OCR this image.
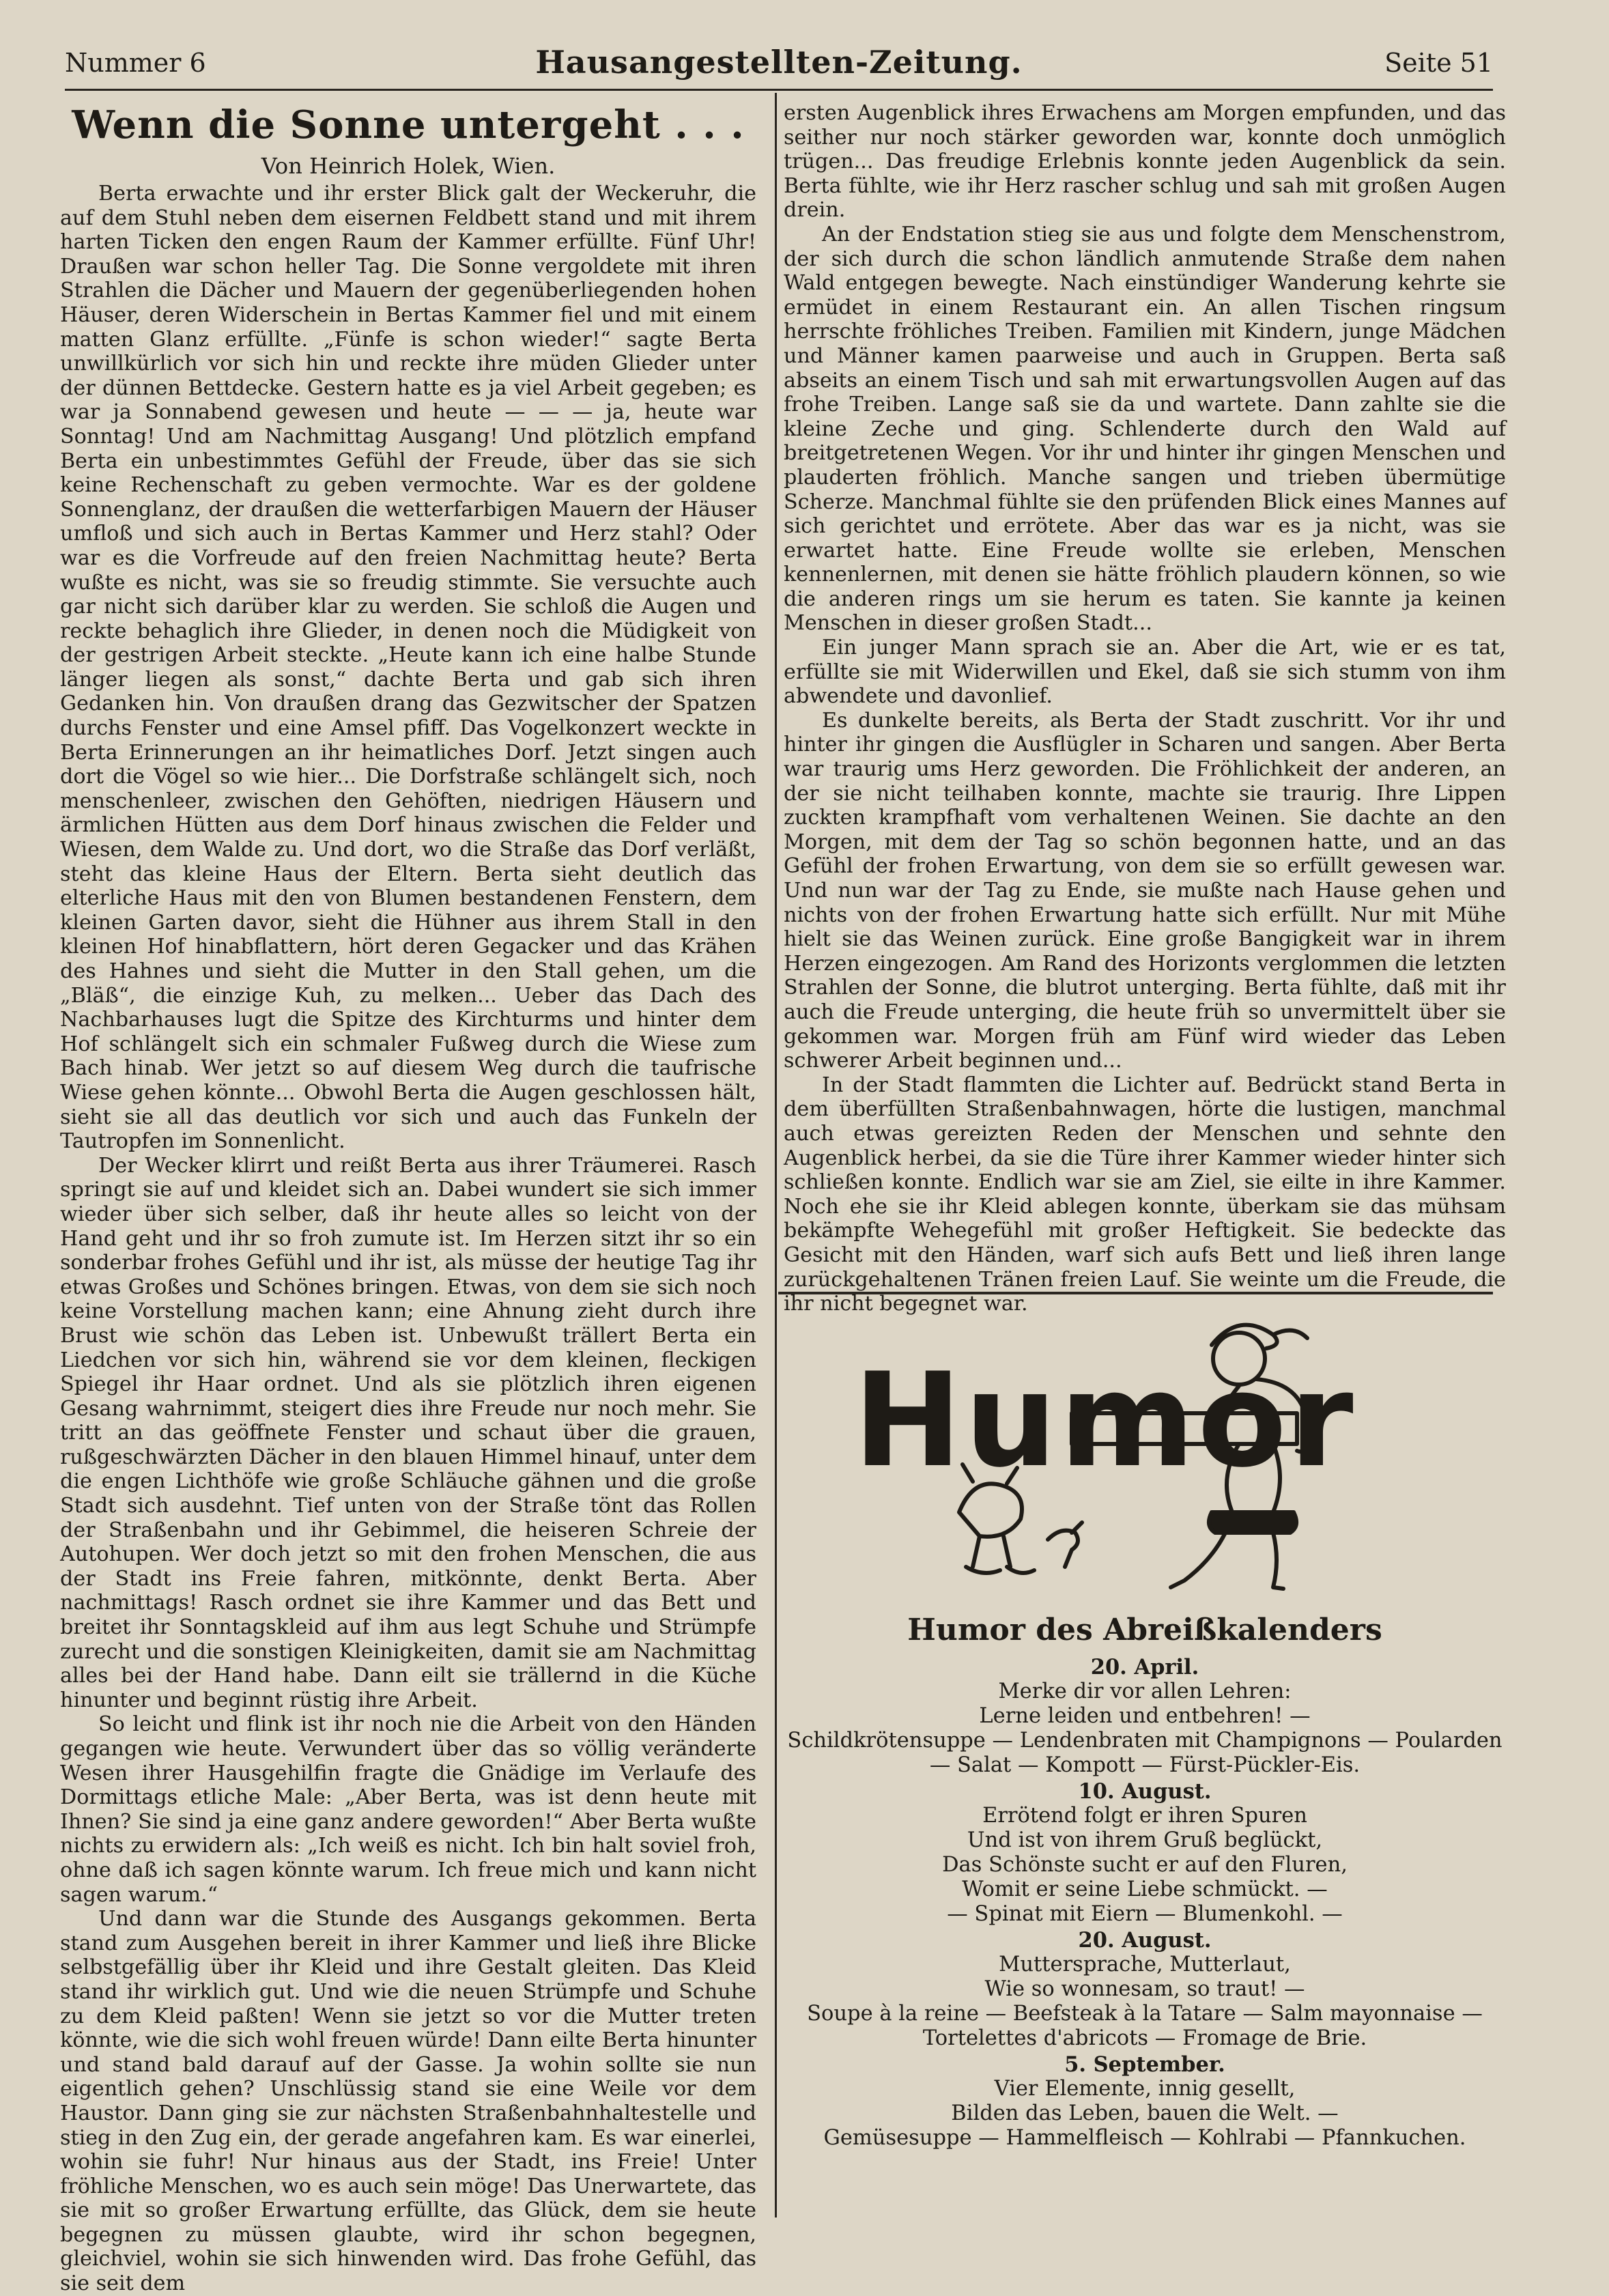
Nummer 6	Hausangestellten-Zeitung.	Seite 51
Wenn die Sonne untergeht . . .
Von Heinrich Holek, Wien.

Berta erwachte und ihr erster Blick galt der Weckeruhr, die auf dem Stuhl neben dem eisernen Feldbett stand und mit ihrem harten Ticken den engen Raum der Kammer erfüllte. Fünf Uhr! Draußen war schon heller Tag. Die Sonne vergoldete mit ihren Strahlen die Dächer und Mauern der gegenüberliegenden hohen Häuser, deren Widerschein in Bertas Kammer fiel und mit einem matten Glanz erfüllte. „Fünfe is schon wieder!“ sagte Berta unwillkürlich vor sich hin und reckte ihre müden Glieder unter der dünnen Bettdecke. Gestern hatte es ja viel Arbeit gegeben; es war ja Sonnabend gewesen und heute — — — ja, heute war Sonntag! Und am Nachmittag Ausgang! Und plötzlich empfand Berta ein unbestimmtes Gefühl der Freude, über das sie sich keine Rechenschaft zu geben vermochte. War es der goldene Sonnenglanz, der draußen die wetterfarbigen Mauern der Häuser umfloß und sich auch in Bertas Kammer und Herz stahl? Oder war es die Vorfreude auf den freien Nachmittag heute? Berta wußte es nicht, was sie so freudig stimmte. Sie versuchte auch gar nicht sich darüber klar zu werden. Sie schloß die Augen und reckte behaglich ihre Glieder, in denen noch die Müdigkeit von der gestrigen Arbeit steckte. „Heute kann ich eine halbe Stunde länger liegen als sonst,“ dachte Berta und gab sich ihren Gedanken hin. Von draußen drang das Gezwitscher der Spatzen durchs Fenster und eine Amsel pfiff. Das Vogelkonzert weckte in Berta Erinnerungen an ihr heimatliches Dorf. Jetzt singen auch dort die Vögel so wie hier... Die Dorfstraße schlängelt sich, noch menschenleer, zwischen den Gehöften, niedrigen Häusern und ärmlichen Hütten aus dem Dorf hinaus zwischen die Felder und Wiesen, dem Walde zu. Und dort, wo die Straße das Dorf verläßt, steht das kleine Haus der Eltern. Berta sieht deutlich das elterliche Haus mit den von Blumen bestandenen Fenstern, dem kleinen Garten davor, sieht die Hühner aus ihrem Stall in den kleinen Hof hinabflattern, hört deren Gegacker und das Krähen des Hahnes und sieht die Mutter in den Stall gehen, um die „Bläß“, die einzige Kuh, zu melken... Ueber das Dach des Nachbarhauses lugt die Spitze des Kirchturms und hinter dem Hof schlängelt sich ein schmaler Fußweg durch die Wiese zum Bach hinab. Wer jetzt so auf diesem Weg durch die taufrische Wiese gehen könnte... Obwohl Berta die Augen geschlossen hält, sieht sie all das deutlich vor sich und auch das Funkeln der Tautropfen im Sonnenlicht.

Der Wecker klirrt und reißt Berta aus ihrer Träumerei. Rasch springt sie auf und kleidet sich an. Dabei wundert sie sich immer wieder über sich selber, daß ihr heute alles so leicht von der Hand geht und ihr so froh zumute ist. Im Herzen sitzt ihr so ein sonderbar frohes Gefühl und ihr ist, als müsse der heutige Tag ihr etwas Großes und Schönes bringen. Etwas, von dem sie sich noch keine Vorstellung machen kann; eine Ahnung zieht durch ihre Brust wie schön das Leben ist. Unbewußt trällert Berta ein Liedchen vor sich hin, während sie vor dem kleinen, fleckigen Spiegel ihr Haar ordnet. Und als sie plötzlich ihren eigenen Gesang wahrnimmt, steigert dies ihre Freude nur noch mehr. Sie tritt an das geöffnete Fenster und schaut über die grauen, rußgeschwärzten Dächer in den blauen Himmel hinauf, unter dem die engen Lichthöfe wie große Schläuche gähnen und die große Stadt sich ausdehnt. Tief unten von der Straße tönt das Rollen der Straßenbahn und ihr Gebimmel, die heiseren Schreie der Autohupen. Wer doch jetzt so mit den frohen Menschen, die aus der Stadt ins Freie fahren, mitkönnte, denkt Berta. Aber nachmittags! Rasch ordnet sie ihre Kammer und das Bett und breitet ihr Sonntagskleid auf ihm aus legt Schuhe und Strümpfe zurecht und die sonstigen Kleinigkeiten, damit sie am Nachmittag alles bei der Hand habe. Dann eilt sie trällernd in die Küche hinunter und beginnt rüstig ihre Arbeit.

So leicht und flink ist ihr noch nie die Arbeit von den Händen gegangen wie heute. Verwundert über das so völlig veränderte Wesen ihrer Hausgehilfin fragte die Gnädige im Verlaufe des Dormittags etliche Male: „Aber Berta, was ist denn heute mit Ihnen? Sie sind ja eine ganz andere geworden!“ Aber Berta wußte nichts zu erwidern als: „Ich weiß es nicht. Ich bin halt soviel froh, ohne daß ich sagen könnte warum. Ich freue mich und kann nicht sagen warum.“

Und dann war die Stunde des Ausgangs gekommen. Berta stand zum Ausgehen bereit in ihrer Kammer und ließ ihre Blicke selbstgefällig über ihr Kleid und ihre Gestalt gleiten. Das Kleid stand ihr wirklich gut. Und wie die neuen Strümpfe und Schuhe zu dem Kleid paßten! Wenn sie jetzt so vor die Mutter treten könnte, wie die sich wohl freuen würde! Dann eilte Berta hinunter und stand bald darauf auf der Gasse. Ja wohin sollte sie nun eigentlich gehen? Unschlüssig stand sie eine Weile vor dem Haustor. Dann ging sie zur nächsten Straßenbahnhaltestelle und stieg in den Zug ein, der gerade angefahren kam. Es war einerlei, wohin sie fuhr! Nur hinaus aus der Stadt, ins Freie! Unter fröhliche Menschen, wo es auch sein möge! Das Unerwartete, das sie mit so großer Erwartung erfüllte, das Glück, dem sie heute begegnen zu müssen glaubte, wird ihr schon begegnen, gleichviel, wohin sie sich hinwenden wird. Das frohe Gefühl, das sie seit dem

ersten Augenblick ihres Erwachens am Morgen empfunden, und das seither nur noch stärker geworden war, konnte doch unmöglich trügen... Das freudige Erlebnis konnte jeden Augenblick da sein. Berta fühlte, wie ihr Herz rascher schlug und sah mit großen Augen drein.

An der Endstation stieg sie aus und folgte dem Menschenstrom, der sich durch die schon ländlich anmutende Straße dem nahen Wald entgegen bewegte. Nach einstündiger Wanderung kehrte sie ermüdet in einem Restaurant ein. An allen Tischen ringsum herrschte fröhliches Treiben. Familien mit Kindern, junge Mädchen und Männer kamen paarweise und auch in Gruppen. Berta saß abseits an einem Tisch und sah mit erwartungsvollen Augen auf das frohe Treiben. Lange saß sie da und wartete. Dann zahlte sie die kleine Zeche und ging. Schlenderte durch den Wald auf breitgetretenen Wegen. Vor ihr und hinter ihr gingen Menschen und plauderten fröhlich. Manche sangen und trieben übermütige Scherze. Manchmal fühlte sie den prüfenden Blick eines Mannes auf sich gerichtet und errötete. Aber das war es ja nicht, was sie erwartet hatte. Eine Freude wollte sie erleben, Menschen kennenlernen, mit denen sie hätte fröhlich plaudern können, so wie die anderen rings um sie herum es taten. Sie kannte ja keinen Menschen in dieser großen Stadt...

Ein junger Mann sprach sie an. Aber die Art, wie er es tat, erfüllte sie mit Widerwillen und Ekel, daß sie sich stumm von ihm abwendete und davonlief.

Es dunkelte bereits, als Berta der Stadt zuschritt. Vor ihr und hinter ihr gingen die Ausflügler in Scharen und sangen. Aber Berta war traurig ums Herz geworden. Die Fröhlichkeit der anderen, an der sie nicht teilhaben konnte, machte sie traurig. Ihre Lippen zuckten krampfhaft vom verhaltenen Weinen. Sie dachte an den Morgen, mit dem der Tag so schön begonnen hatte, und an das Gefühl der frohen Erwartung, von dem sie so erfüllt gewesen war. Und nun war der Tag zu Ende, sie mußte nach Hause gehen und nichts von der frohen Erwartung hatte sich erfüllt. Nur mit Mühe hielt sie das Weinen zurück. Eine große Bangigkeit war in ihrem Herzen eingezogen. Am Rand des Horizonts verglommen die letzten Strahlen der Sonne, die blutrot unterging. Berta fühlte, daß mit ihr auch die Freude unterging, die heute früh so unvermittelt über sie gekommen war. Morgen früh am Fünf wird wieder das Leben schwerer Arbeit beginnen und...

In der Stadt flammten die Lichter auf. Bedrückt stand Berta in dem überfüllten Straßenbahnwagen, hörte die lustigen, manchmal auch etwas gereizten Reden der Menschen und sehnte den Augenblick herbei, da sie die Türe ihrer Kammer wieder hinter sich schließen konnte. Endlich war sie am Ziel, sie eilte in ihre Kammer. Noch ehe sie ihr Kleid ablegen konnte, überkam sie das mühsam bekämpfte Wehegefühl mit großer Heftigkeit. Sie bedeckte das Gesicht mit den Händen, warf sich aufs Bett und ließ ihren lange zurückgehaltenen Tränen freien Lauf. Sie weinte um die Freude, die ihr nicht begegnet war.

Humor
Humor des Abreißkalenders
20. April.

Merke dir vor allen Lehren:

Lerne leiden und entbehren! —

Schildkrötensuppe — Lendenbraten mit Champignons — Poularden — Salat — Kompott — Fürst-Pückler-Eis.

10. August.

Errötend folgt er ihren Spuren

Und ist von ihrem Gruß beglückt,

Das Schönste sucht er auf den Fluren,

Womit er seine Liebe schmückt. —

— Spinat mit Eiern — Blumenkohl. —

20. August.

Muttersprache, Mutterlaut,

Wie so wonnesam, so traut! —

Soupe à la reine — Beefsteak à la Tatare — Salm mayonnaise — Tortelettes d'abricots — Fromage de Brie.

5. September.

Vier Elemente, innig gesellt,

Bilden das Leben, bauen die Welt. —

Gemüsesuppe — Hammelfleisch — Kohlrabi — Pfannkuchen.
